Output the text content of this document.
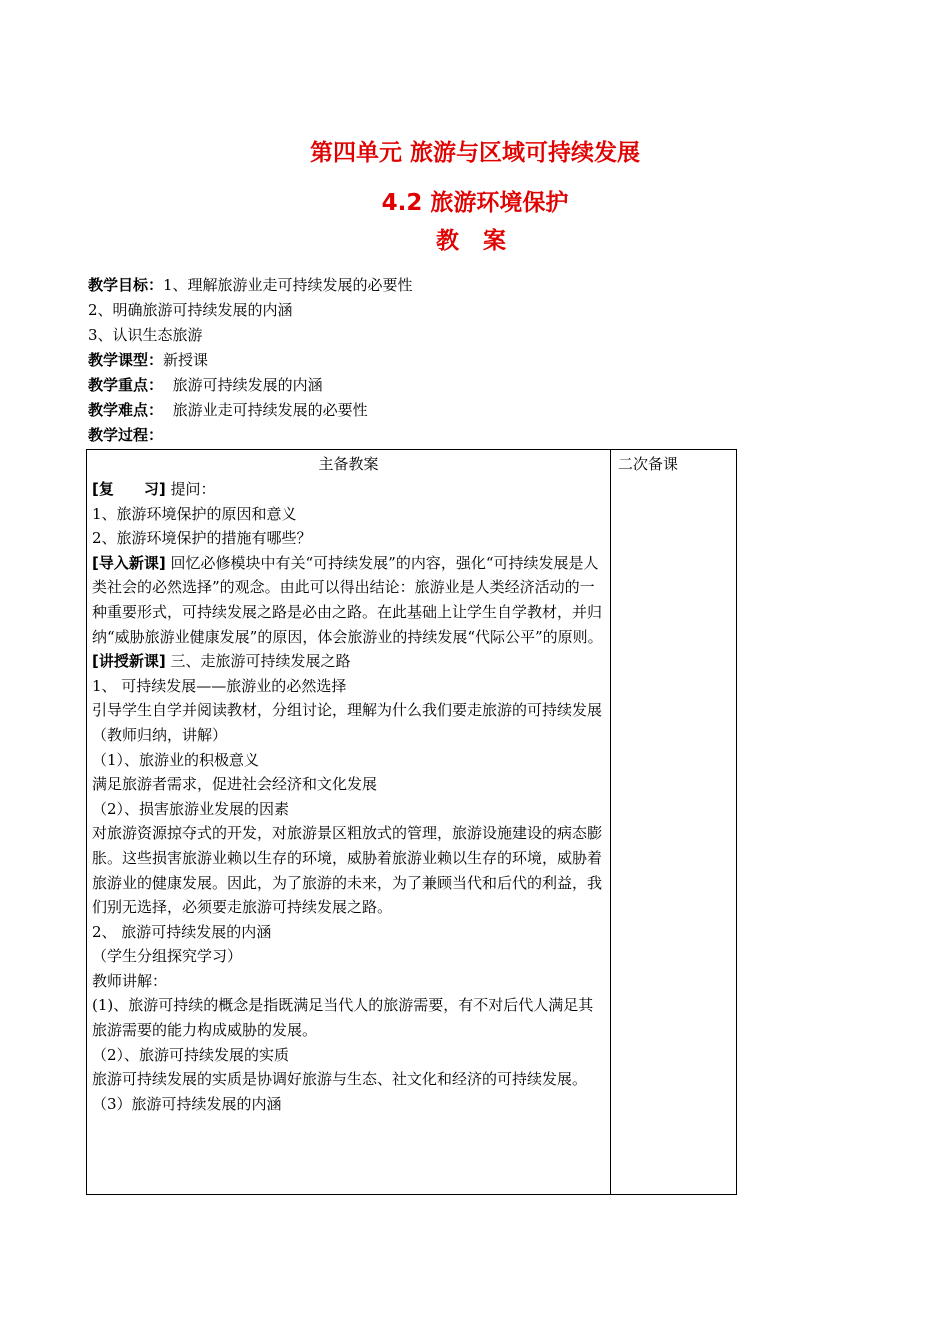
第四单元 旅游与区域可持续发展
4.2 旅游环境保护
教 案
教学目标：1、理解旅游业走可持续发展的必要性
2、明确旅游可持续发展的内涵
3、认识生态旅游
教学课型：新授课
教学重点： 旅游可持续发展的内涵
教学难点： 旅游业走可持续发展的必要性
教学过程：
主备教案	二次备课

[复　　习] 提问：

1、旅游环境保护的原因和意义

2、旅游环境保护的措施有哪些？

[导入新课] 回忆必修模块中有关“可持续发展”的内容，强化“可持续发展是人类社会的必然选择”的观念。由此可以得出结论：旅游业是人类经济活动的一种重要形式，可持续发展之路是必由之路。在此基础上让学生自学教材，并归纳“威胁旅游业健康发展”的原因，体会旅游业的持续发展“代际公平”的原则。

[讲授新课] 三、走旅游可持续发展之路

1、 可持续发展——旅游业的必然选择

引导学生自学并阅读教材，分组讨论，理解为什么我们要走旅游的可持续发展

（教师归纳，讲解）

（1）、旅游业的积极意义

满足旅游者需求，促进社会经济和文化发展

（2）、损害旅游业发展的因素

对旅游资源掠夺式的开发，对旅游景区粗放式的管理，旅游设施建设的病态膨胀。这些损害旅游业赖以生存的环境，威胁着旅游业赖以生存的环境，威胁着旅游业的健康发展。因此，为了旅游的未来，为了兼顾当代和后代的利益，我们别无选择，必须要走旅游可持续发展之路。

2、 旅游可持续发展的内涵

（学生分组探究学习）

教师讲解：

(1)、旅游可持续的概念是指既满足当代人的旅游需要，有不对后代人满足其旅游需要的能力构成威胁的发展。

（2）、旅游可持续发展的实质

旅游可持续发展的实质是协调好旅游与生态、社文化和经济的可持续发展。

（3）旅游可持续发展的内涵
